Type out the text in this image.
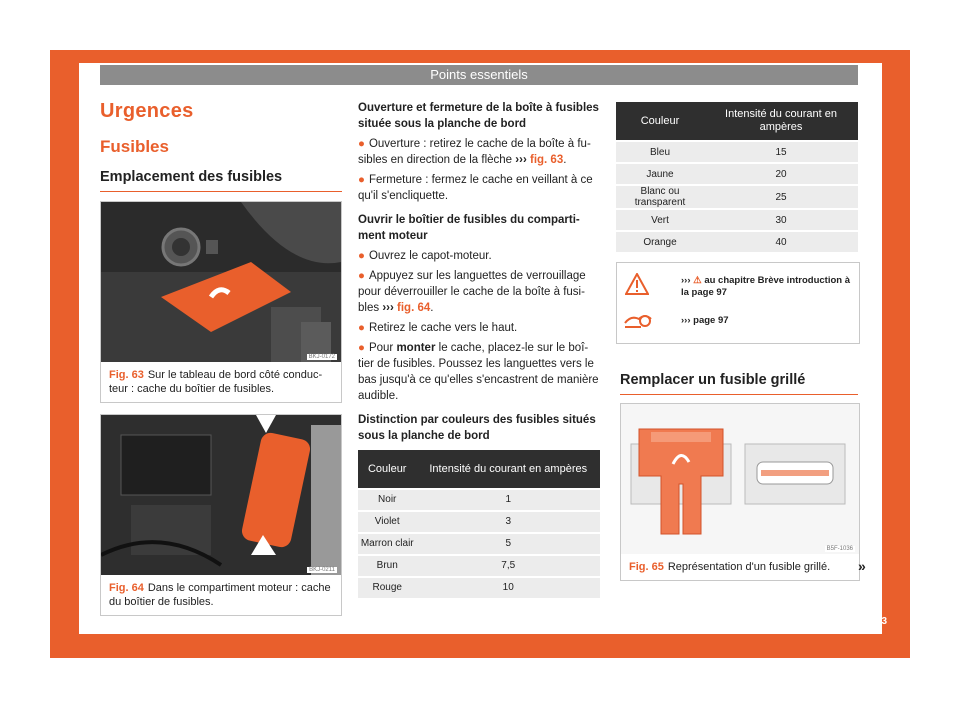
Points essentiels
Urgences
Fusibles
Emplacement des fusibles
BKJ-0172
Fig. 63 Sur le tableau de bord côté conducteur : cache du boîtier de fusibles.
BKJ-0211
Fig. 64 Dans le compartiment moteur : cache du boîtier de fusibles.

Ouverture et fermeture de la boîte à fusibles située sous la planche de bord

● Ouverture : retirez le cache de la boîte à fusibles en direction de la flèche ››› fig. 63.

● Fermeture : fermez le cache en veillant à ce qu'il s'encliquette.

Ouvrir le boîtier de fusibles du compartiment moteur

● Ouvrez le capot-moteur.

● Appuyez sur les languettes de verrouillage pour déverrouiller le cache de la boîte à fusibles ››› fig. 64.

● Retirez le cache vers le haut.

● Pour monter le cache, placez-le sur le boîtier de fusibles. Poussez les languettes vers le bas jusqu'à ce qu'elles s'encastrent de manière audible.

Distinction par couleurs des fusibles situés sous la planche de bord

Couleur	Intensité du courant en ampères
Noir	1
Violet	3
Marron clair	5
Brun	7,5
Rouge	10
Couleur	Intensité du courant en ampères
Bleu	15
Jaune	20
Blanc ou transparent	25
Vert	30
Orange	40
››› ⚠ au chapitre Brève introduction à la page 97
››› page 97
Remplacer un fusible grillé
B5F-1036
Fig. 65 Représentation d'un fusible grillé.	»
53
